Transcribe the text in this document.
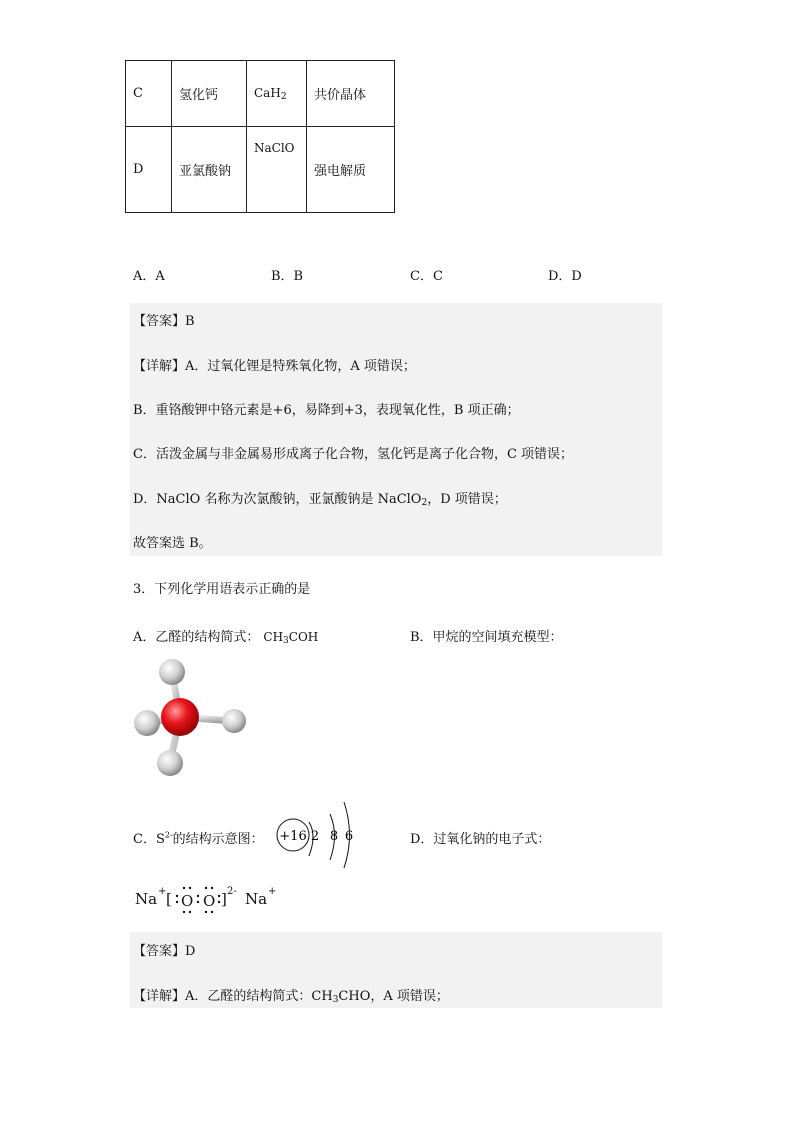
C	氢化钙	CaH$_2$	共价晶体
D	亚氯酸钠	NaClO	强电解质
A．A	B．B	C．C	D．D
【答案】B
【详解】A．过氧化锂是特殊氧化物，A 项错误；
B．重铬酸钾中铬元素是+6，易降到+3，表现氧化性，B 项正确；
C．活泼金属与非金属易形成离子化合物，氢化钙是离子化合物，C 项错误；
D．NaClO 名称为次氯酸钠，亚氯酸钠是 NaClO$_2$，D 项错误；
故答案选 B。
3．下列化学用语表示正确的是
A．乙醛的结构简式： $CH_3COH$	B．甲烷的空间填充模型：
C．$S^{2-}$的结构示意图： +16 2 8 6	D．过氧化钠的电子式：
Na + [ O O ] 2- Na +
【答案】D
【详解】A．乙醛的结构简式：$CH_3CHO$，A 项错误；
